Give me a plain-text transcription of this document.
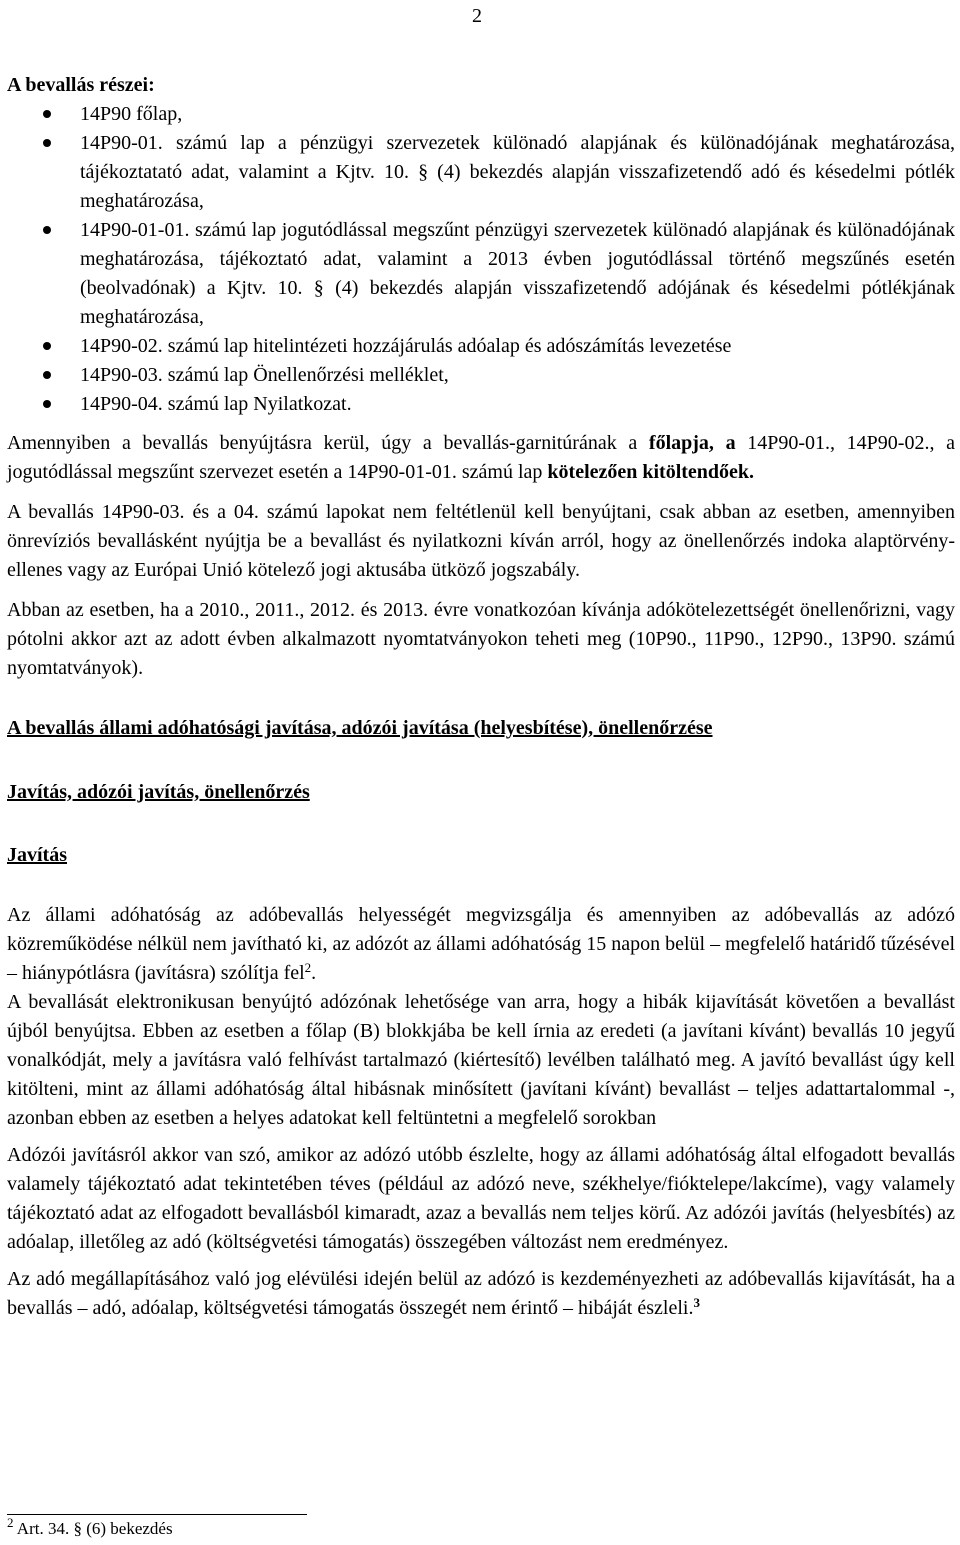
2

A bevallás részei:

14P90 főlap,
14P90-01. számú lap a pénzügyi szervezetek különadó alapjának és különadójának meghatározása, tájékoztatató adat, valamint a Kjtv. 10. § (4) bekezdés alapján visszafizetendő adó és késedelmi pótlék meghatározása,
14P90-01-01. számú lap jogutódlással megszűnt pénzügyi szervezetek különadó alapjának és különadójának meghatározása, tájékoztató adat, valamint a 2013 évben jogutódlással történő megszűnés esetén (beolvadónak) a Kjtv. 10. § (4) bekezdés alapján visszafizetendő adójának és késedelmi pótlékjának meghatározása,
14P90-02. számú lap hitelintézeti hozzájárulás adóalap és adószámítás levezetése
14P90-03. számú lap Önellenőrzési melléklet,
14P90-04. számú lap Nyilatkozat.

Amennyiben a bevallás benyújtásra kerül, úgy a bevallás-garnitúrának a főlapja, a 14P90-01., 14P90-02., a jogutódlással megszűnt szervezet esetén a 14P90-01-01. számú lap kötelezően kitöltendőek.

A bevallás 14P90-03. és a 04. számú lapokat nem feltétlenül kell benyújtani, csak abban az esetben, amennyiben önrevíziós bevallásként nyújtja be a bevallást és nyilatkozni kíván arról, hogy az önellenőrzés indoka alaptörvény-ellenes vagy az Európai Unió kötelező jogi aktusába ütköző jogszabály.

Abban az esetben, ha a 2010., 2011., 2012. és 2013. évre vonatkozóan kívánja adókötelezettségét önellenőrizni, vagy pótolni akkor azt az adott évben alkalmazott nyomtatványokon teheti meg (10P90., 11P90., 12P90., 13P90. számú nyomtatványok).

A bevallás állami adóhatósági javítása, adózói javítása (helyesbítése), önellenőrzése

Javítás, adózói javítás, önellenőrzés

Javítás

Az állami adóhatóság az adóbevallás helyességét megvizsgálja és amennyiben az adóbevallás az adózó közreműködése nélkül nem javítható ki, az adózót az állami adóhatóság 15 napon belül – megfelelő határidő tűzésével – hiánypótlásra (javításra) szólítja fel$^2$.

A bevallását elektronikusan benyújtó adózónak lehetősége van arra, hogy a hibák kijavítását követően a bevallást újból benyújtsa. Ebben az esetben a főlap (B) blokkjába be kell írnia az eredeti (a javítani kívánt) bevallás 10 jegyű vonalkódját, mely a javításra való felhívást tartalmazó (kiértesítő) levélben található meg. A javító bevallást úgy kell kitölteni, mint az állami adóhatóság által hibásnak minősített (javítani kívánt) bevallást – teljes adattartalommal -, azonban ebben az esetben a helyes adatokat kell feltüntetni a megfelelő sorokban

Adózói javításról akkor van szó, amikor az adózó utóbb észlelte, hogy az állami adóhatóság által elfogadott bevallás valamely tájékoztató adat tekintetében téves (például az adózó neve, székhelye/fióktelepe/lakcíme), vagy valamely tájékoztató adat az elfogadott bevallásból kimaradt, azaz a bevallás nem teljes körű. Az adózói javítás (helyesbítés) az adóalap, illetőleg az adó (költségvetési támogatás) összegében változást nem eredményez.

Az adó megállapításához való jog elévülési idején belül az adózó is kezdeményezheti az adóbevallás kijavítását, ha a bevallás – adó, adóalap, költségvetési támogatás összegét nem érintő – hibáját észleli.$^3$

$^2$ Art. 34. § (6) bekezdés
